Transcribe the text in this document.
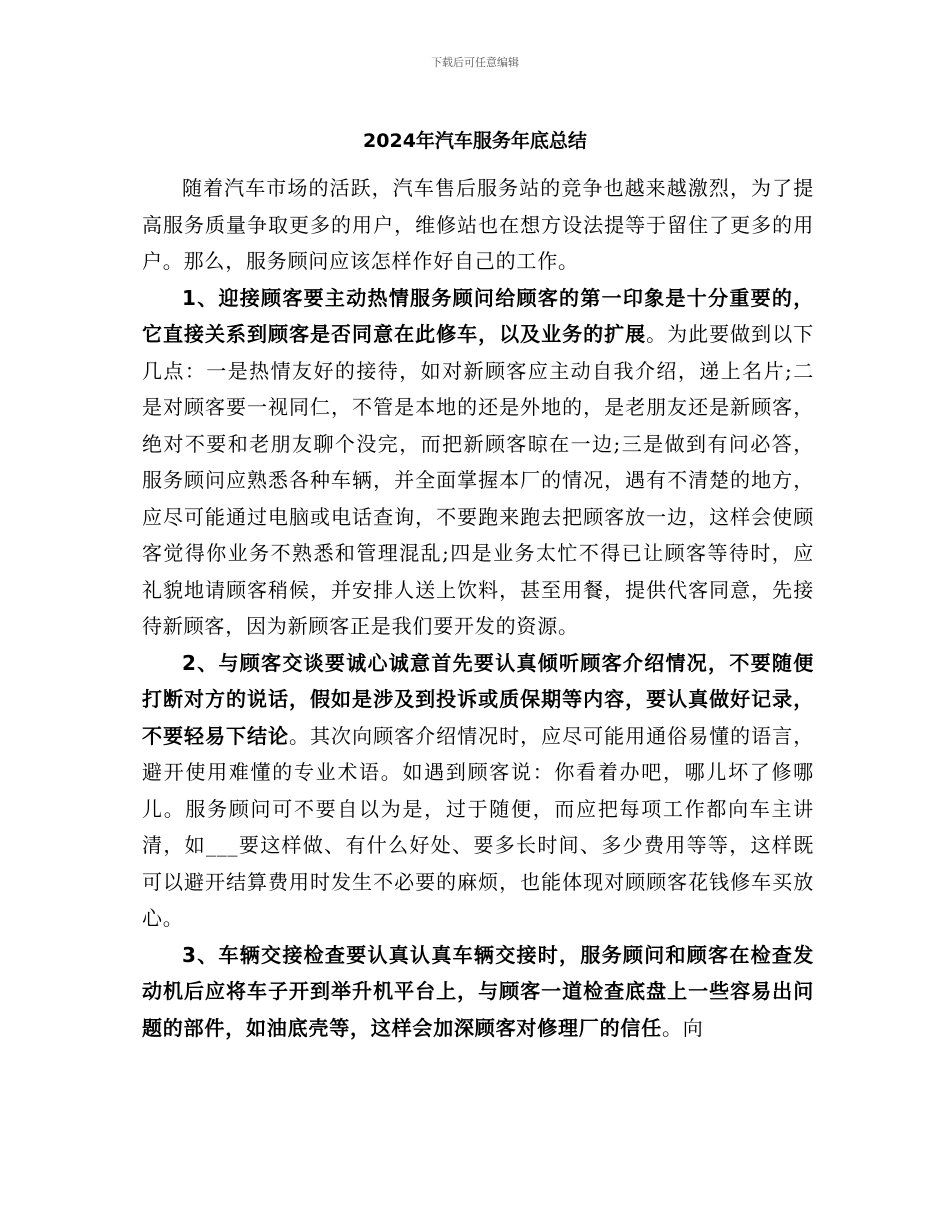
下载后可任意编辑
2024年汽车服务年底总结

随着汽车市场的活跃，汽车售后服务站的竞争也越来越激烈，为了提高服务质量争取更多的用户，维修站也在想方设法提等于留住了更多的用户。那么，服务顾问应该怎样作好自己的工作。

1、迎接顾客要主动热情服务顾问给顾客的第一印象是十分重要的，它直接关系到顾客是否同意在此修车，以及业务的扩展。为此要做到以下几点：一是热情友好的接待，如对新顾客应主动自我介绍，递上名片;二是对顾客要一视同仁，不管是本地的还是外地的，是老朋友还是新顾客，绝对不要和老朋友聊个没完，而把新顾客晾在一边;三是做到有问必答，服务顾问应熟悉各种车辆，并全面掌握本厂的情况，遇有不清楚的地方，应尽可能通过电脑或电话查询，不要跑来跑去把顾客放一边，这样会使顾客觉得你业务不熟悉和管理混乱;四是业务太忙不得已让顾客等待时，应礼貌地请顾客稍候，并安排人送上饮料，甚至用餐，提供代客同意，先接待新顾客，因为新顾客正是我们要开发的资源。

2、与顾客交谈要诚心诚意首先要认真倾听顾客介绍情况，不要随便打断对方的说话，假如是涉及到投诉或质保期等内容，要认真做好记录，不要轻易下结论。其次向顾客介绍情况时，应尽可能用通俗易懂的语言，避开使用难懂的专业术语。如遇到顾客说：你看着办吧，哪儿坏了修哪儿。服务顾问可不要自以为是，过于随便，而应把每项工作都向车主讲清，如___要这样做、有什么好处、要多长时间、多少费用等等，这样既可以避开结算费用时发生不必要的麻烦，也能体现对顾顾客花钱修车买放心。

3、车辆交接检查要认真认真车辆交接时，服务顾问和顾客在检查发动机后应将车子开到举升机平台上，与顾客一道检查底盘上一些容易出问题的部件，如油底壳等，这样会加深顾客对修理厂的信任。向
